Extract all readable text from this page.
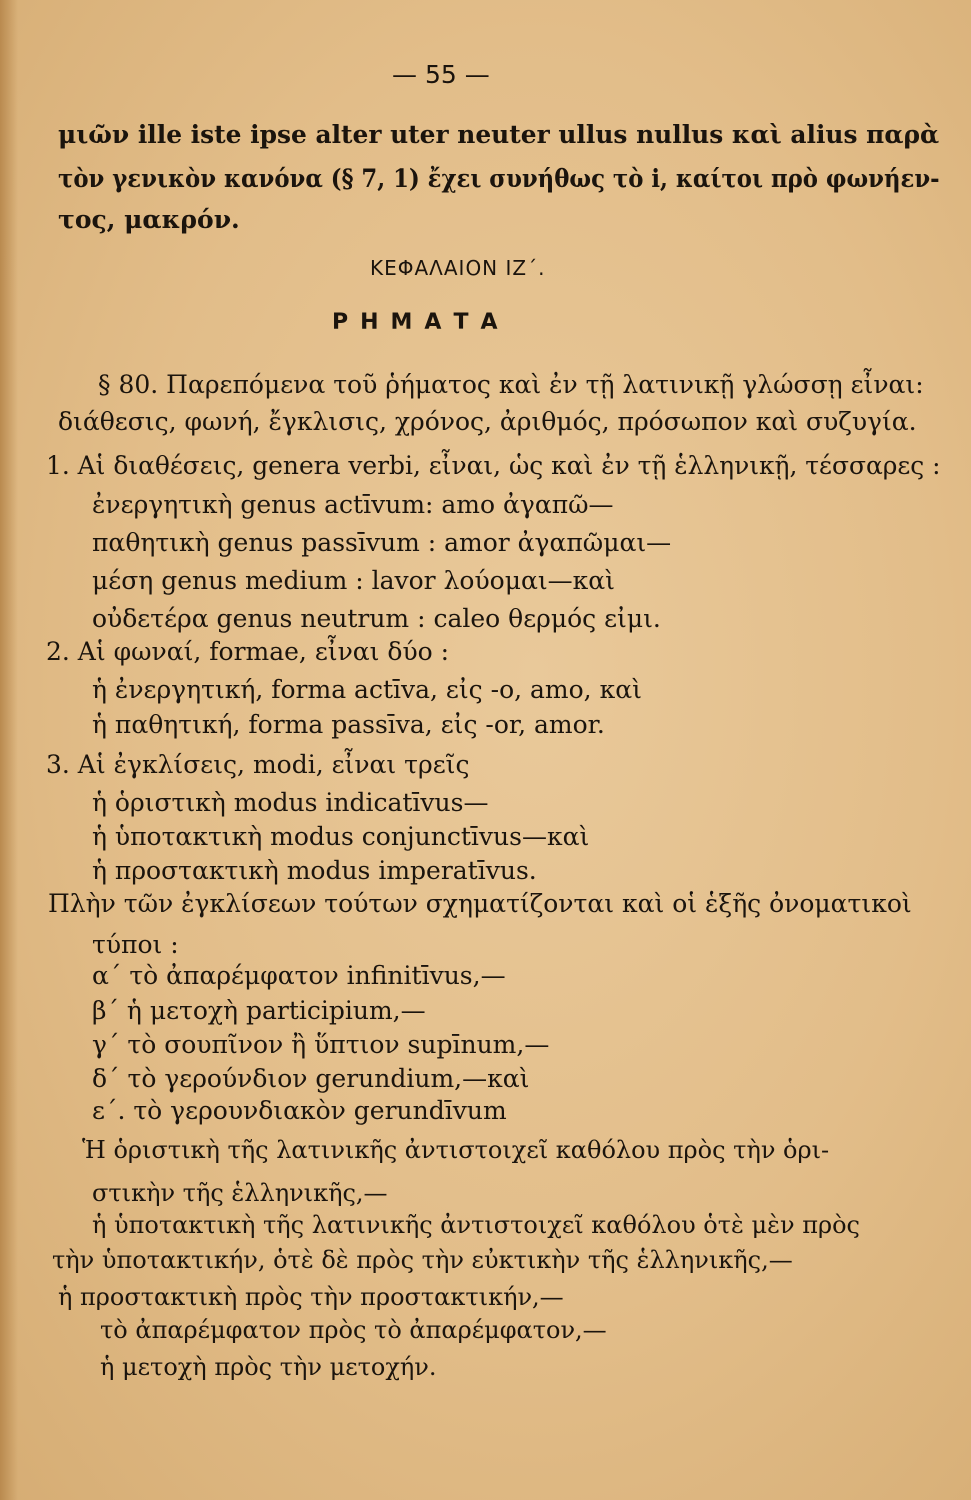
— 55 —
μιῶν ille iste ipse alter uter neuter ullus nullus καὶ alius παρὰ
τὸν γενικὸν κανόνα (§ 7, 1) ἔχει συνήθως τὸ i, καίτοι πρὸ φωνήεν-
τος, μακρόν.
ΚΕΦΑΛΑΙΟΝ ΙΖ΄.
ΡΗΜΑΤΑ
§ 80. Παρεπόμενα τοῦ ῥήματος καὶ ἐν τῇ λατινικῇ γλώσσῃ εἶναι:
διάθεσις, φωνή, ἔγκλισις, χρόνος, ἀριθμός, πρόσωπον καὶ συζυγία.
1. Αἱ διαθέσεις, genera verbi, εἶναι, ὡς καὶ ἐν τῇ ἑλληνικῇ, τέσσαρες :
ἐνεργητικὴ genus actīvum: amo ἀγαπῶ—
παθητικὴ genus passīvum : amor ἀγαπῶμαι—
μέση genus medium : lavor λούομαι—καὶ
οὐδετέρα genus neutrum : caleo θερμός εἰμι.
2. Αἱ φωναί, formae, εἶναι δύο :
ἡ ἐνεργητική, forma actīva, εἰς -o, amo, καὶ
ἡ παθητική, forma passīva, εἰς -or, amor.
3. Αἱ ἐγκλίσεις, modi, εἶναι τρεῖς
ἡ ὁριστικὴ modus indicatīvus—
ἡ ὑποτακτικὴ modus conjunctīvus—καὶ
ἡ προστακτικὴ modus imperatīvus.
Πλὴν τῶν ἐγκλίσεων τούτων σχηματίζονται καὶ οἱ ἑξῆς ὀνοματικοὶ
τύποι :
α΄ τὸ ἀπαρέμφατον infinitīvus,—
β΄ ἡ μετοχὴ participium,—
γ΄ τὸ σουπῖνον ἢ ὕπτιον supīnum,—
δ΄ τὸ γερούνδιον gerundium,—καὶ
ε΄. τὸ γερουνδιακὸν gerundīvum
Ἡ ὁριστικὴ τῆς λατινικῆς ἀντιστοιχεῖ καθόλου πρὸς τὴν ὁρι-
στικὴν τῆς ἑλληνικῆς,—
ἡ ὑποτακτικὴ τῆς λατινικῆς ἀντιστοιχεῖ καθόλου ὁτὲ μὲν πρὸς
τὴν ὑποτακτικήν, ὁτὲ δὲ πρὸς τὴν εὐκτικὴν τῆς ἑλληνικῆς,—
ἡ προστακτικὴ πρὸς τὴν προστακτικήν,—
τὸ ἀπαρέμφατον πρὸς τὸ ἀπαρέμφατον,—
ἡ μετοχὴ πρὸς τὴν μετοχήν.
